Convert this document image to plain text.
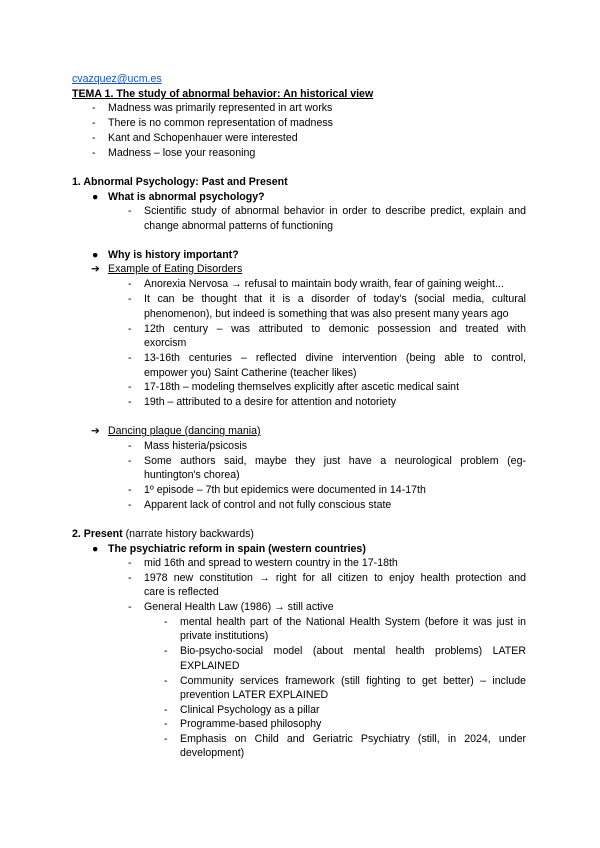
cvazquez@ucm.es
TEMA 1. The study of abnormal behavior: An historical view
- Madness was primarily represented in art works
- There is no common representation of madness
- Kant and Schopenhauer were interested
- Madness – lose your reasoning
1. Abnormal Psychology: Past and Present
● What is abnormal psychology?
- Scientific study of abnormal behavior in order to describe predict, explain and
change abnormal patterns of functioning
● Why is history important?
➔ Example of Eating Disorders
- Anorexia Nervosa → refusal to maintain body wraith, fear of gaining weight...
- It can be thought that it is a disorder of today's (social media, cultural
phenomenon), but indeed is something that was also present many years ago
- 12th century – was attributed to demonic possession and treated with
exorcism
- 13-16th centuries – reflected divine intervention (being able to control,
empower you) Saint Catherine (teacher likes)
- 17-18th – modeling themselves explicitly after ascetic medical saint
- 19th – attributed to a desire for attention and notoriety
➔ Dancing plague (dancing mania)
- Mass histeria/psicosis
- Some authors said, maybe they just have a neurological problem (eg-
huntington's chorea)
- 1º episode – 7th but epidemics were documented in 14-17th
- Apparent lack of control and not fully conscious state
2. Present (narrate history backwards)
● The psychiatric reform in spain (western countries)
- mid 16th and spread to western country in the 17-18th
- 1978 new constitution → right for all citizen to enjoy health protection and
care is reflected
- General Health Law (1986) → still active
- mental health part of the National Health System (before it was just in
private institutions)
- Bio-psycho-social model (about mental health problems) LATER
EXPLAINED
- Community services framework (still fighting to get better) – include
prevention LATER EXPLAINED
- Clinical Psychology as a pillar
- Programme-based philosophy
- Emphasis on Child and Geriatric Psychiatry (still, in 2024, under
development)
